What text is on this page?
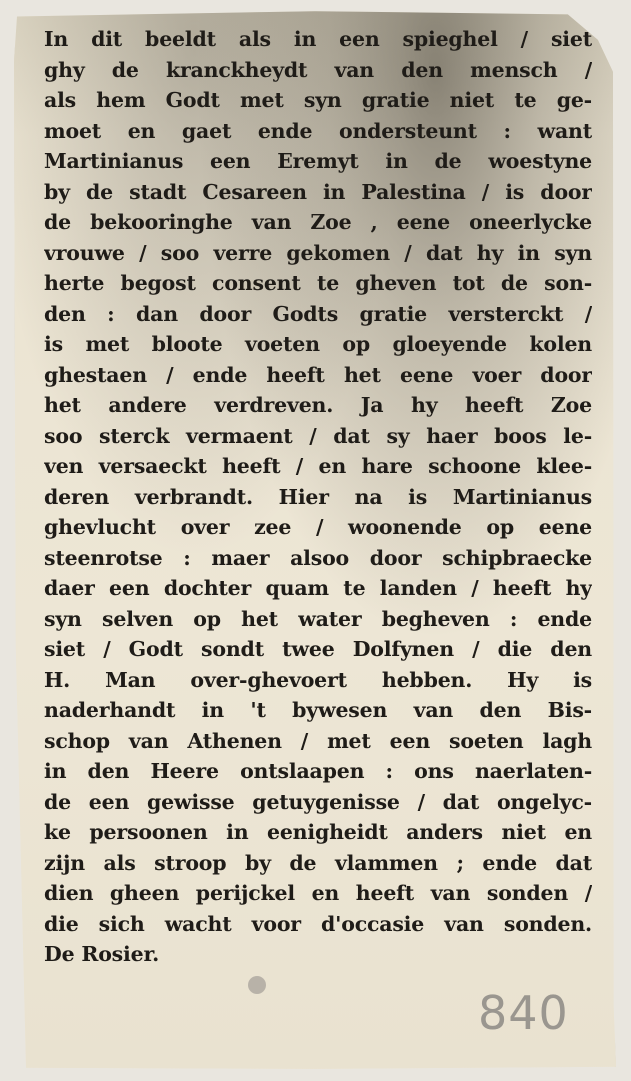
In dit beeldt als in een spieghel / siet
ghy de kranckheydt van den mensch /
als hem Godt met syn gratie niet te ge-
moet en gaet ende ondersteunt : want
Martinianus een Eremyt in de woestyne
by de stadt Cesareen in Palestina / is door
de bekooringhe van Zoe , eene oneerlycke
vrouwe / soo verre gekomen / dat hy in syn
herte begost consent te gheven tot de son-
den : dan door Godts gratie versterckt /
is met bloote voeten op gloeyende kolen
ghestaen / ende heeft het eene voer door
het andere verdreven. Ja hy heeft Zoe
soo sterck vermaent / dat sy haer boos le-
ven versaeckt heeft / en hare schoone klee-
deren verbrandt. Hier na is Martinianus
ghevlucht over zee / woonende op eene
steenrotse : maer alsoo door schipbraecke
daer een dochter quam te landen / heeft hy
syn selven op het water begheven : ende
siet / Godt sondt twee Dolfynen / die den
H. Man over-ghevoert hebben. Hy is
naderhandt in 't bywesen van den Bis-
schop van Athenen / met een soeten lagh
in den Heere ontslaapen : ons naerlaten-
de een gewisse getuygenisse / dat ongelyc-
ke persoonen in eenigheidt anders niet en
zijn als stroop by de vlammen ; ende dat
dien gheen perijckel en heeft van sonden /
die sich wacht voor d'occasie van sonden.
De Rosier.
840
